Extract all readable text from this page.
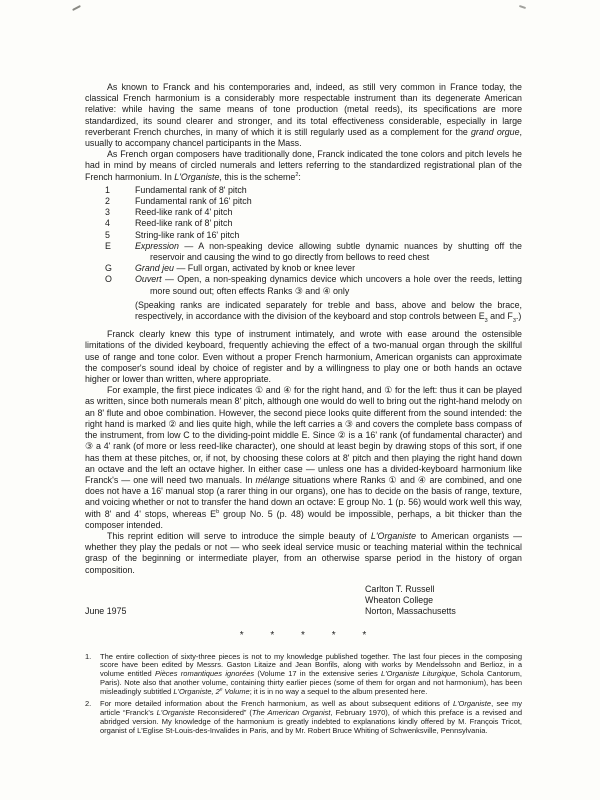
As known to Franck and his contemporaries and, indeed, as still very common in France today, the classical French harmonium is a considerably more respectable instrument than its degenerate American relative: while having the same means of tone production (metal reeds), its specifications are more standardized, its sound clearer and stronger, and its total effectiveness considerable, especially in large reverberant French churches, in many of which it is still regularly used as a complement for the grand orgue, usually to accompany chancel participants in the Mass.

As French organ composers have traditionally done, Franck indicated the tone colors and pitch levels he had in mind by means of circled numerals and letters referring to the standardized registrational plan of the French harmonium. In L'Organiste, this is the scheme$^2$:

1	Fundamental rank of 8' pitch
2	Fundamental rank of 16' pitch
3	Reed-like rank of 4' pitch
4	Reed-like rank of 8' pitch
5	String-like rank of 16' pitch
E	Expression — A non-speaking device allowing subtle dynamic nuances by shutting off the reservoir and causing the wind to go directly from bellows to reed chest
G	Grand jeu — Full organ, activated by knob or knee lever
O	Ouvert — Open, a non-speaking dynamics device which uncovers a hole over the reeds, letting more sound out; often effects Ranks ③ and ④ only

(Speaking ranks are indicated separately for treble and bass, above and below the brace, respectively, in accordance with the division of the keyboard and stop controls between $E_3$ and $F_3$.)

Franck clearly knew this type of instrument intimately, and wrote with ease around the ostensible limitations of the divided keyboard, frequently achieving the effect of a two-manual organ through the skillful use of range and tone color. Even without a proper French harmonium, American organists can approximate the composer's sound ideal by choice of register and by a willingness to play one or both hands an octave higher or lower than written, where appropriate.

For example, the first piece indicates ① and ④ for the right hand, and ① for the left: thus it can be played as written, since both numerals mean 8' pitch, although one would do well to bring out the right-hand melody on an 8' flute and oboe combination. However, the second piece looks quite different from the sound intended: the right hand is marked ② and lies quite high, while the left carries a ③ and covers the complete bass compass of the instrument, from low C to the dividing-point middle E. Since ② is a 16' rank (of fundamental character) and ③ a 4' rank (of more or less reed-like character), one should at least begin by drawing stops of this sort, if one has them at these pitches, or, if not, by choosing these colors at 8' pitch and then playing the right hand down an octave and the left an octave higher. In either case — unless one has a divided-keyboard harmonium like Franck's — one will need two manuals. In mélange situations where Ranks ① and ④ are combined, and one does not have a 16' manual stop (a rarer thing in our organs), one has to decide on the basis of range, texture, and voicing whether or not to transfer the hand down an octave: E group No. 1 (p. 56) would work well this way, with 8' and 4' stops, whereas $E^b$ group No. 5 (p. 48) would be impossible, perhaps, a bit thicker than the composer intended.

This reprint edition will serve to introduce the simple beauty of L'Organiste to American organists — whether they play the pedals or not — who seek ideal service music or teaching material within the technical grasp of the beginning or intermediate player, from an otherwise sparse period in the history of organ composition.

June 1975
Carlton T. Russell
Wheaton College
Norton, Massachusetts
* * * * *
1.	The entire collection of sixty-three pieces is not to my knowledge published together. The last four pieces in the composing score have been edited by Messrs. Gaston Litaize and Jean Bonfils, along with works by Mendelssohn and Berlioz, in a volume entitled Pièces romantiques ignorées (Volume 17 in the extensive series L'Organiste Liturgique, Schola Cantorum, Paris). Note also that another volume, containing thirty earlier pieces (some of them for organ and not harmonium), has been misleadingly subtitled L'Organiste, 2e Volume; it is in no way a sequel to the album presented here.
2.	For more detailed information about the French harmonium, as well as about subsequent editions of L'Organiste, see my article “Franck's L'Organiste Reconsidered” (The American Organist, February 1970), of which this preface is a revised and abridged version. My knowledge of the harmonium is greatly indebted to explanations kindly offered by M. François Tricot, organist of L'Eglise St-Louis-des-Invalides in Paris, and by Mr. Robert Bruce Whiting of Schwenksville, Pennsylvania.
